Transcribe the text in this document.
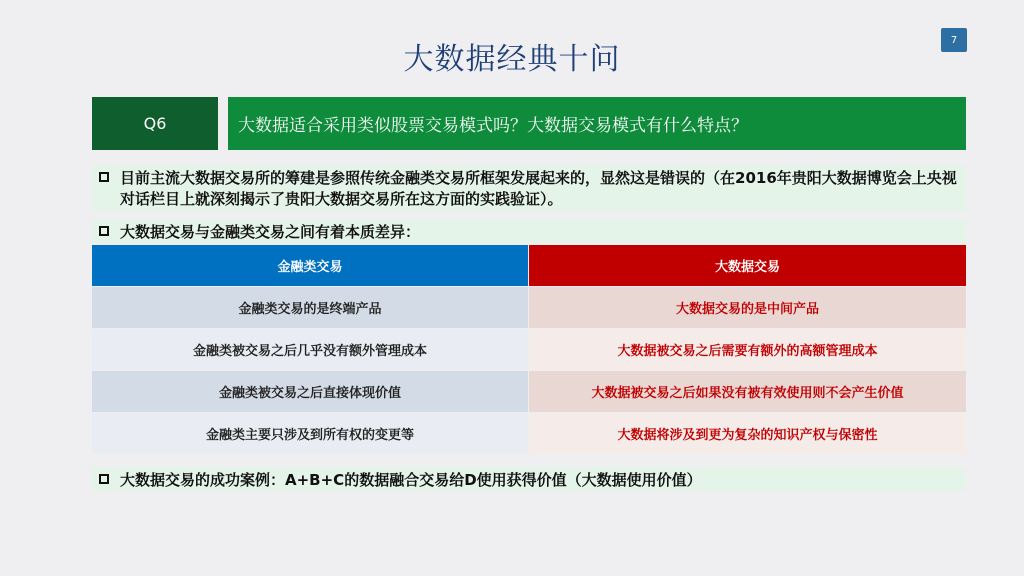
7
大数据经典十问
Q6	大数据适合采用类似股票交易模式吗？大数据交易模式有什么特点？
目前主流大数据交易所的筹建是参照传统金融类交易所框架发展起来的，显然这是错误的（在2016年贵阳大数据博览会上央视对话栏目上就深刻揭示了贵阳大数据交易所在这方面的实践验证）。
大数据交易与金融类交易之间有着本质差异：
金融类交易	大数据交易
金融类交易的是终端产品	大数据交易的是中间产品
金融类被交易之后几乎没有额外管理成本	大数据被交易之后需要有额外的高额管理成本
金融类被交易之后直接体现价值	大数据被交易之后如果没有被有效使用则不会产生价值
金融类主要只涉及到所有权的变更等	大数据将涉及到更为复杂的知识产权与保密性
大数据交易的成功案例：A+B+C的数据融合交易给D使用获得价值（大数据使用价值）
